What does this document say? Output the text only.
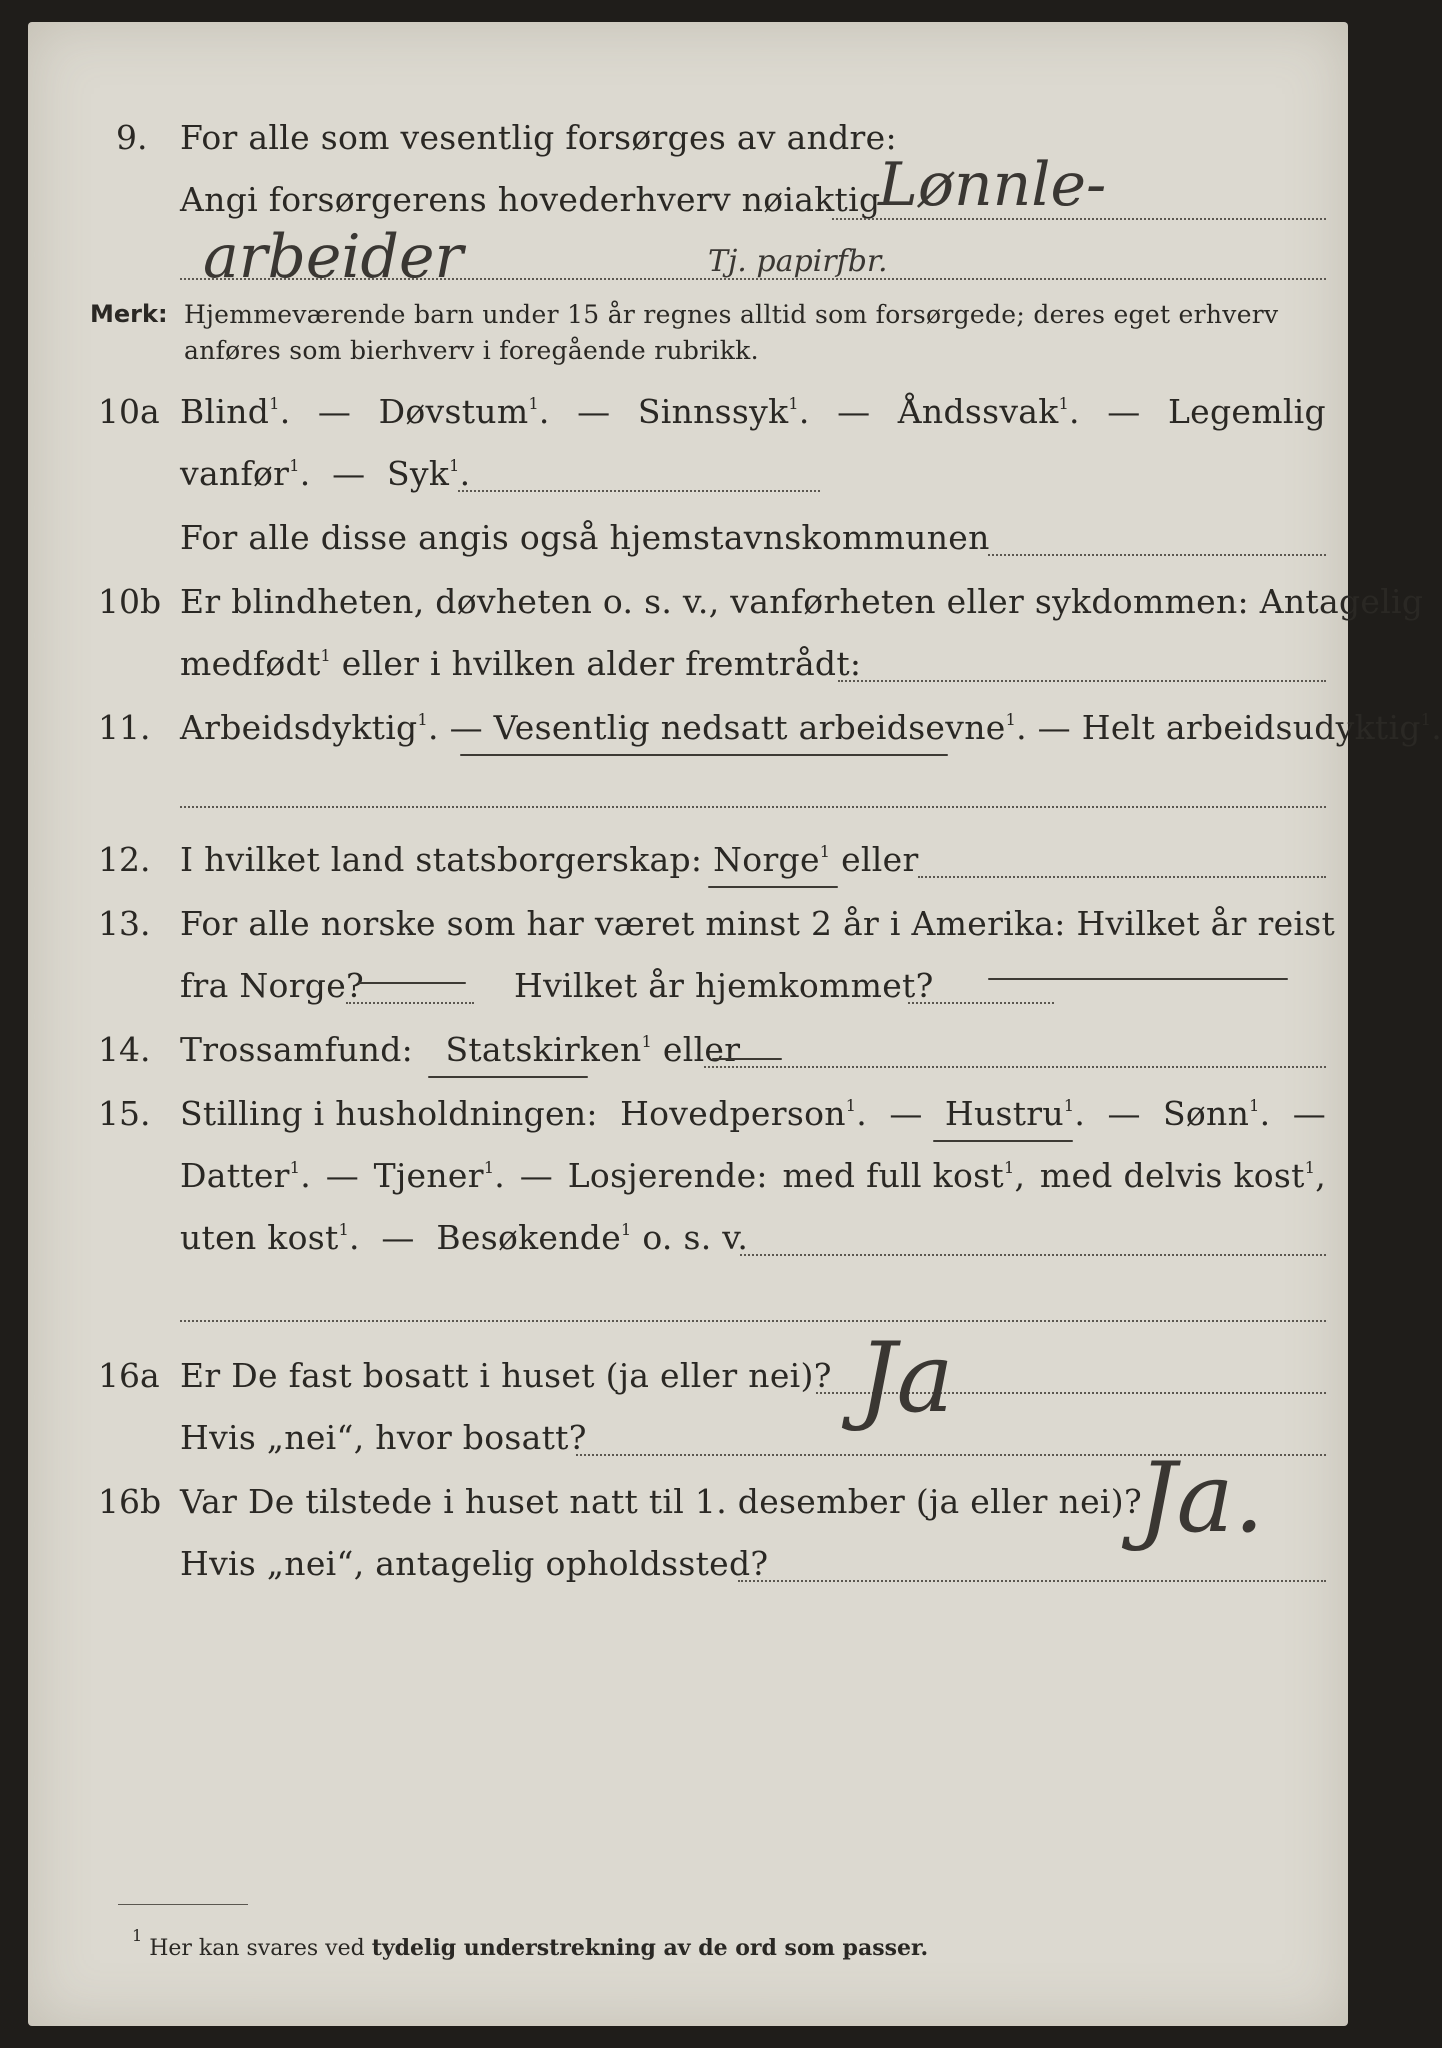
9. For alle som vesentlig forsørges av andre:
Angi forsørgerens hovederhverv nøiaktig
Lønnle-
arbeider	Tj. papirfbr.
Merk: Hjemmeværende barn under 15 år regnes alltid som forsørgede; deres eget erhverv
anføres som bierhverv i foregående rubrikk.
10a Blind$^1$. — Døvstum$^1$. — Sinnssyk$^1$. — Åndssvak$^1$. — Legemlig
vanfør$^1$.  —  Syk$^1$.
For alle disse angis også hjemstavnskommunen
10b Er blindheten, døvheten o. s. v., vanførheten eller sykdommen: Antagelig
medfødt$^1$ eller i hvilken alder fremtrådt:
11. Arbeidsdyktig$^1$. — Vesentlig nedsatt arbeidsevne$^1$. — Helt arbeidsudyktig$^1$.
12. I hvilket land statsborgerskap: Norge$^1$ eller
13. For alle norske som har været minst 2 år i Amerika: Hvilket år reist
fra Norge?	Hvilket år hjemkommet?
14. Trossamfund: Statskirken$^1$ eller
15. Stilling i husholdningen: Hovedperson$^1$. — Hustru$^1$. — Sønn$^1$. —
Datter$^1$. — Tjener$^1$. — Losjerende: med full kost$^1$, med delvis kost$^1$,
uten kost$^1$.  —  Besøkende$^1$ o. s. v.
16a Er De fast bosatt i huset (ja eller nei)? Ja
Hvis „nei“, hvor bosatt?
16b Var De tilstede i huset natt til 1. desember (ja eller nei)?
Ja.
Hvis „nei“, antagelig opholdssted?
$^1$ Her kan svares ved tydelig understrekning av de ord som passer.
